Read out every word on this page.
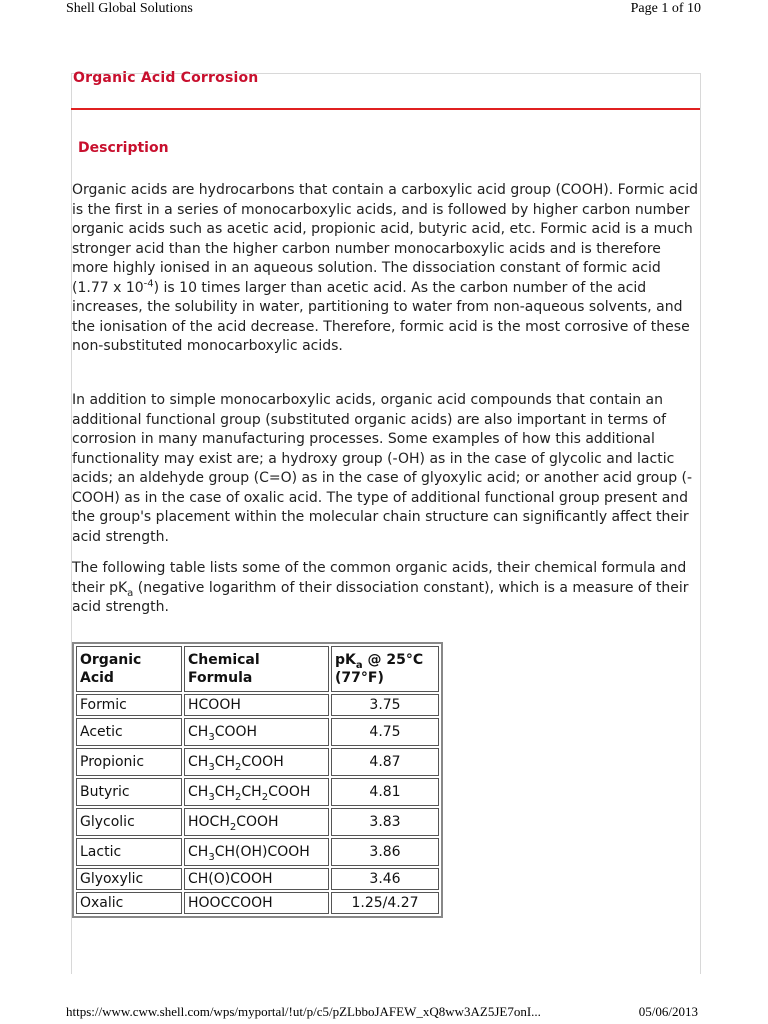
Shell Global Solutions	Page 1 of 10
Organic Acid Corrosion
Description

Organic acids are hydrocarbons that contain a carboxylic acid group (COOH). Formic acid is the first in a series of monocarboxylic acids, and is followed by higher carbon number organic acids such as acetic acid, propionic acid, butyric acid, etc. Formic acid is a much stronger acid than the higher carbon number monocarboxylic acids and is therefore more highly ionised in an aqueous solution. The dissociation constant of formic acid (1.77 x $10^{-4}$) is 10 times larger than acetic acid. As the carbon number of the acid increases, the solubility in water, partitioning to water from non-aqueous solvents, and the ionisation of the acid decrease. Therefore, formic acid is the most corrosive of these non-substituted monocarboxylic acids.

In addition to simple monocarboxylic acids, organic acid compounds that contain an additional functional group (substituted organic acids) are also important in terms of corrosion in many manufacturing processes. Some examples of how this additional functionality may exist are; a hydroxy group (-OH) as in the case of glycolic and lactic acids; an aldehyde group (C=O) as in the case of glyoxylic acid; or another acid group (-COOH) as in the case of oxalic acid. The type of additional functional group present and the group's placement within the molecular chain structure can significantly affect their acid strength.

The following table lists some of the common organic acids, their chemical formula and their $pK_a$ (negative logarithm of their dissociation constant), which is a measure of their acid strength.

Organic Acid	Chemical Formula	$pK_a$ @ 25°C (77°F)
Formic	HCOOH	3.75
Acetic	$CH_3COOH$	4.75
Propionic	$CH_3CH_2COOH$	4.87
Butyric	$CH_3CH_2CH_2COOH$	4.81
Glycolic	$HOCH_2COOH$	3.83
Lactic	$CH_3CH(OH)COOH$	3.86
Glyoxylic	CH(O)COOH	3.46
Oxalic	HOOCCOOH	1.25/4.27
https://www.cww.shell.com/wps/myportal/!ut/p/c5/pZLbboJAFEW_xQ8ww3AZ5JE7onI...	05/06/2013
